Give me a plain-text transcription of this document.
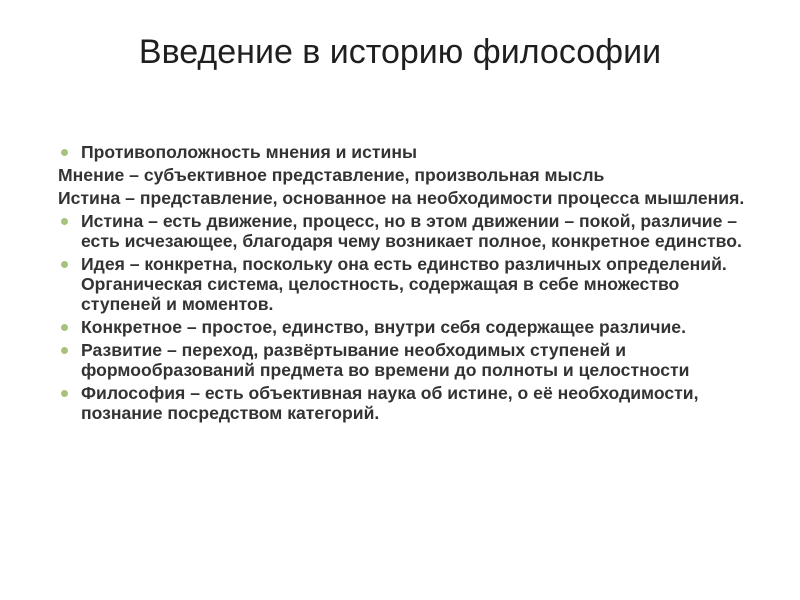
Введение в историю философии
Противоположность мнения и истины
Мнение – субъективное представление, произвольная мысль
Истина – представление, основанное на необходимости процесса мышления.
Истина – есть движение, процесс, но в этом движении – покой, различие – есть исчезающее, благодаря чему возникает полное, конкретное единство.
Идея – конкретна, поскольку она есть единство различных определений. Органическая система, целостность, содержащая в себе множество ступеней и моментов.
Конкретное – простое, единство, внутри себя содержащее различие.
Развитие – переход, развёртывание необходимых ступеней и формообразований предмета во времени до полноты и целостности
Философия – есть объективная наука об истине, о её необходимости, познание посредством категорий.
